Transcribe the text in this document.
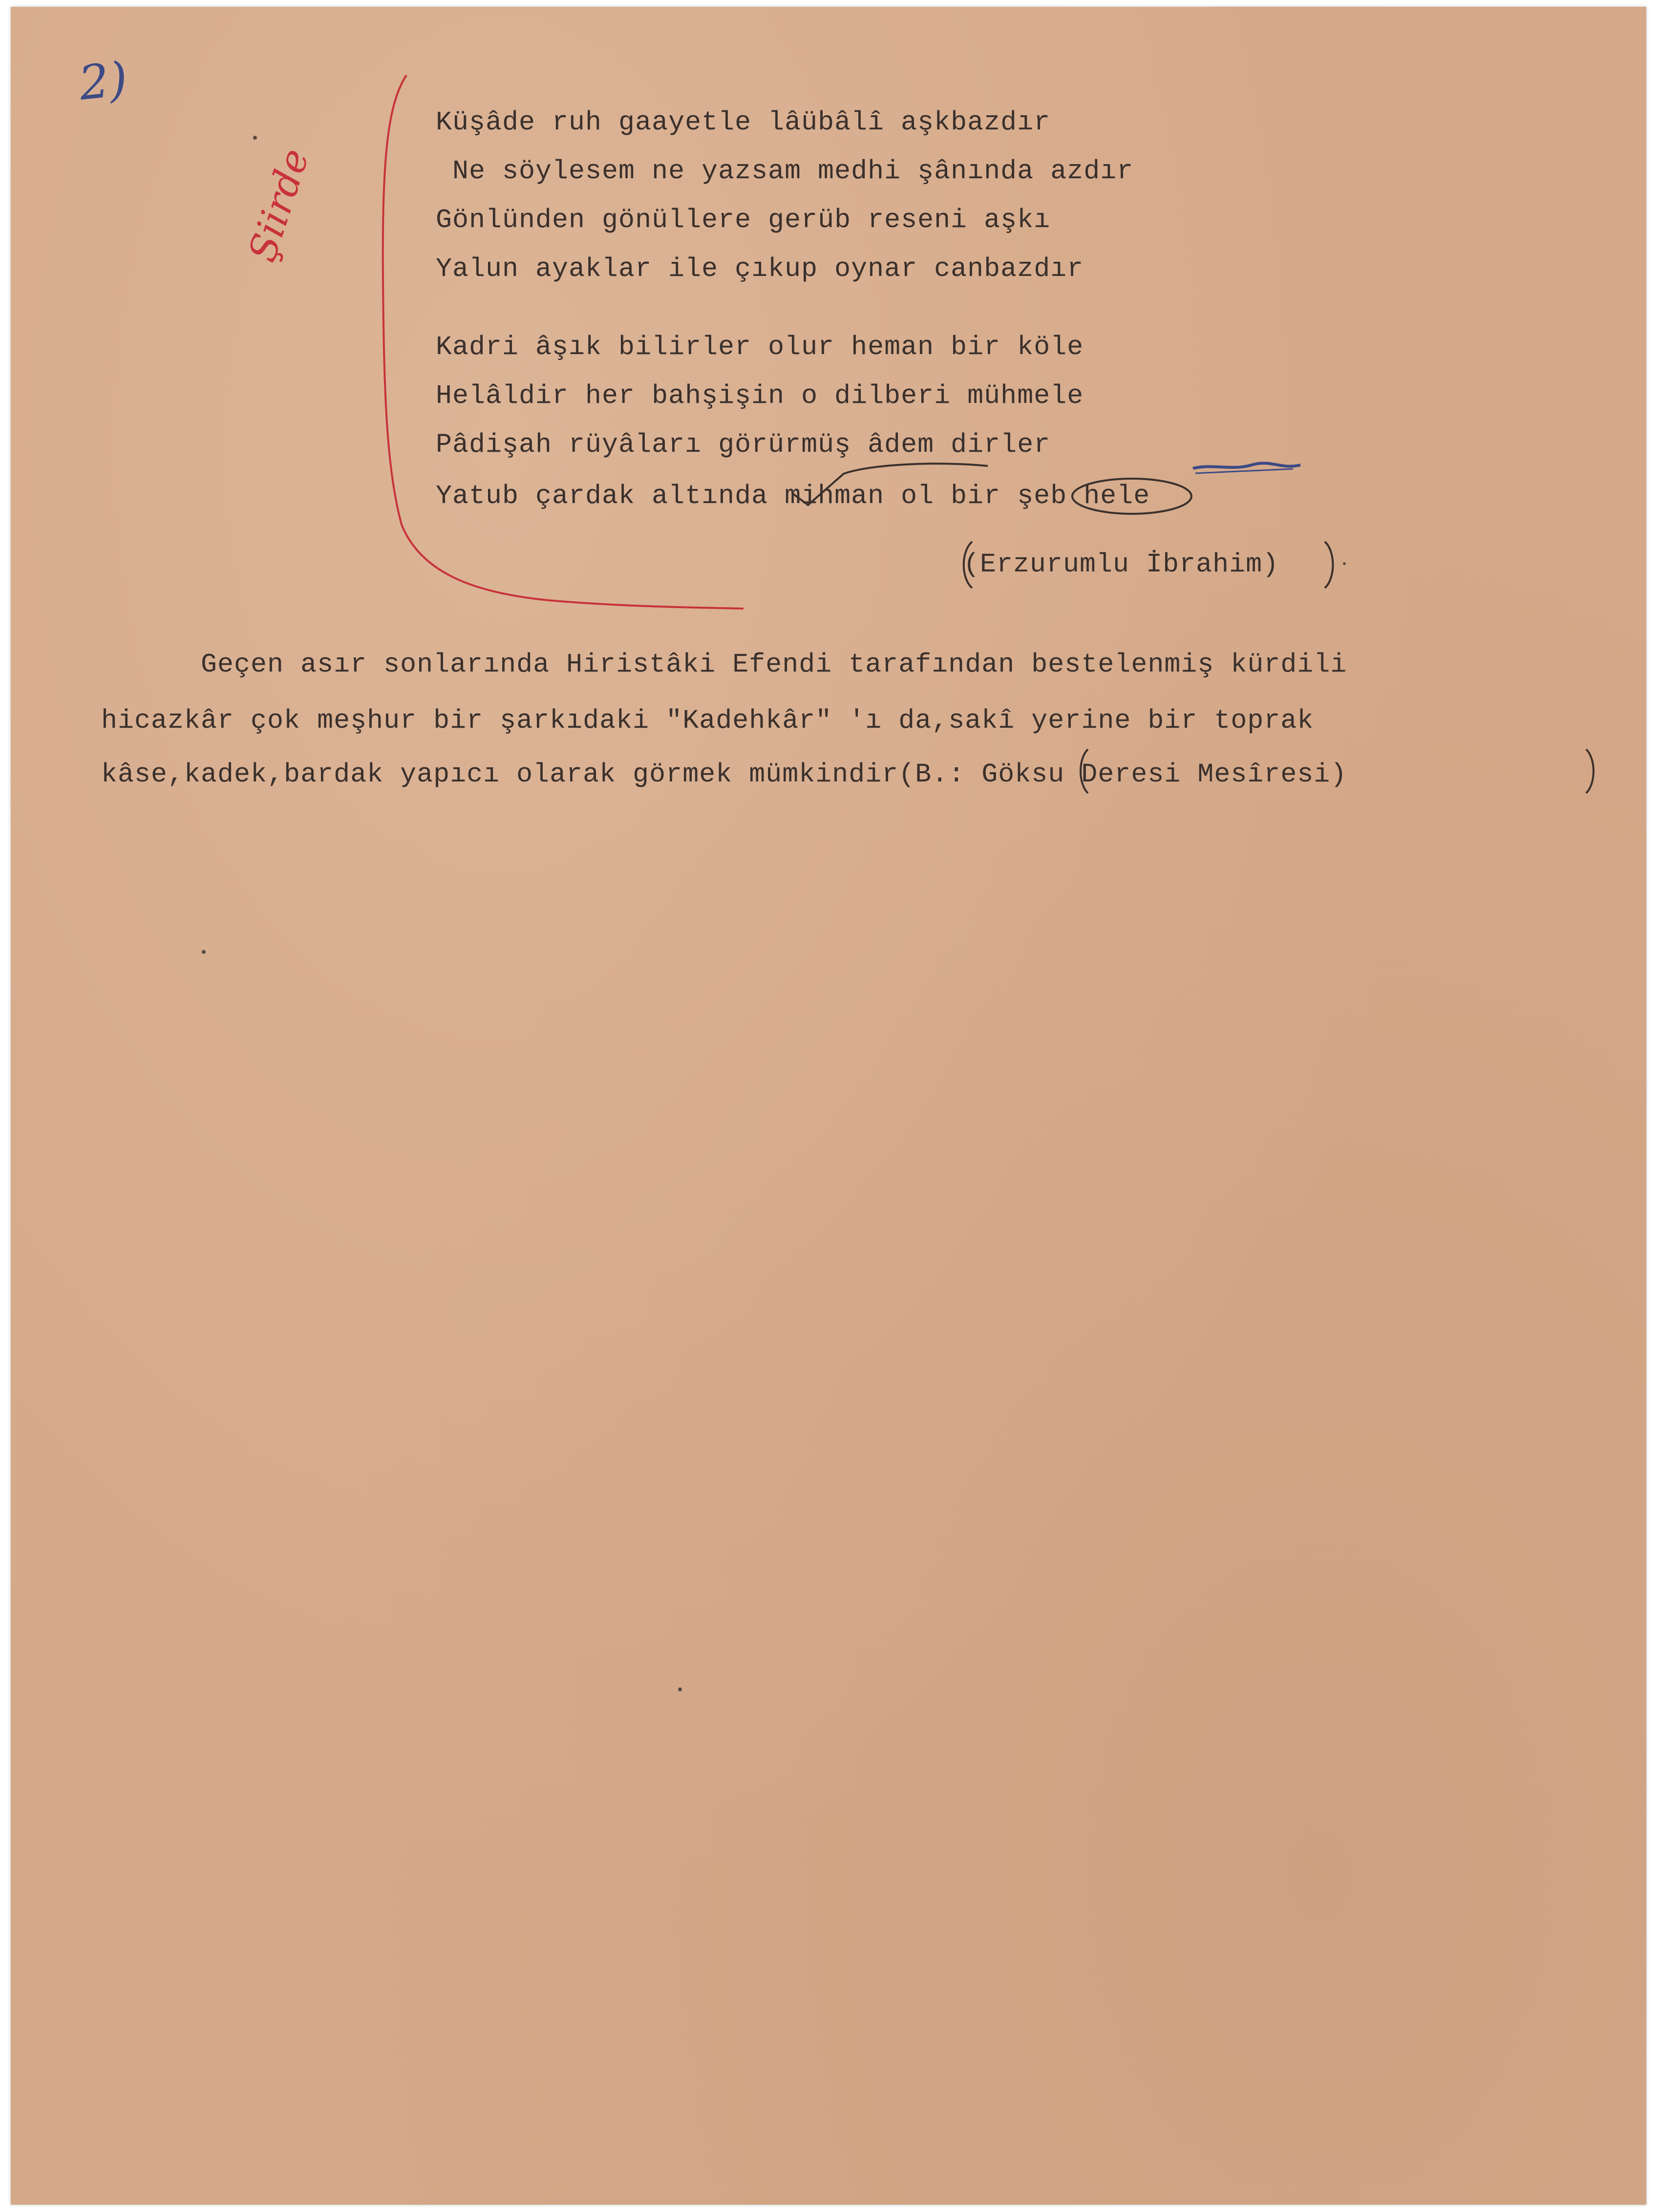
2)
Şiirde
Küşâde ruh gaayetle lâübâlî aşkbazdır
Ne söylesem ne yazsam medhi şânında azdır
Gönlünden gönüllere gerüb reseni aşkı
Yalun ayaklar ile çıkup oynar canbazdır
Kadri âşık bilirler olur heman bir köle
Helâldir her bahşişin o dilberi mühmele
Pâdişah rüyâları görürmüş âdem dirler
Yatub çardak altında mihman ol bir şeb hele
(Erzurumlu İbrahim)
Geçen asır sonlarında Hiristâki Efendi tarafından bestelenmiş kürdili
hicazkâr çok meşhur bir şarkıdaki "Kadehkâr" 'ı da,sakî yerine bir toprak
kâse,kadek,bardak yapıcı olarak görmek mümkindir(B.: Göksu Deresi Mesîresi)
